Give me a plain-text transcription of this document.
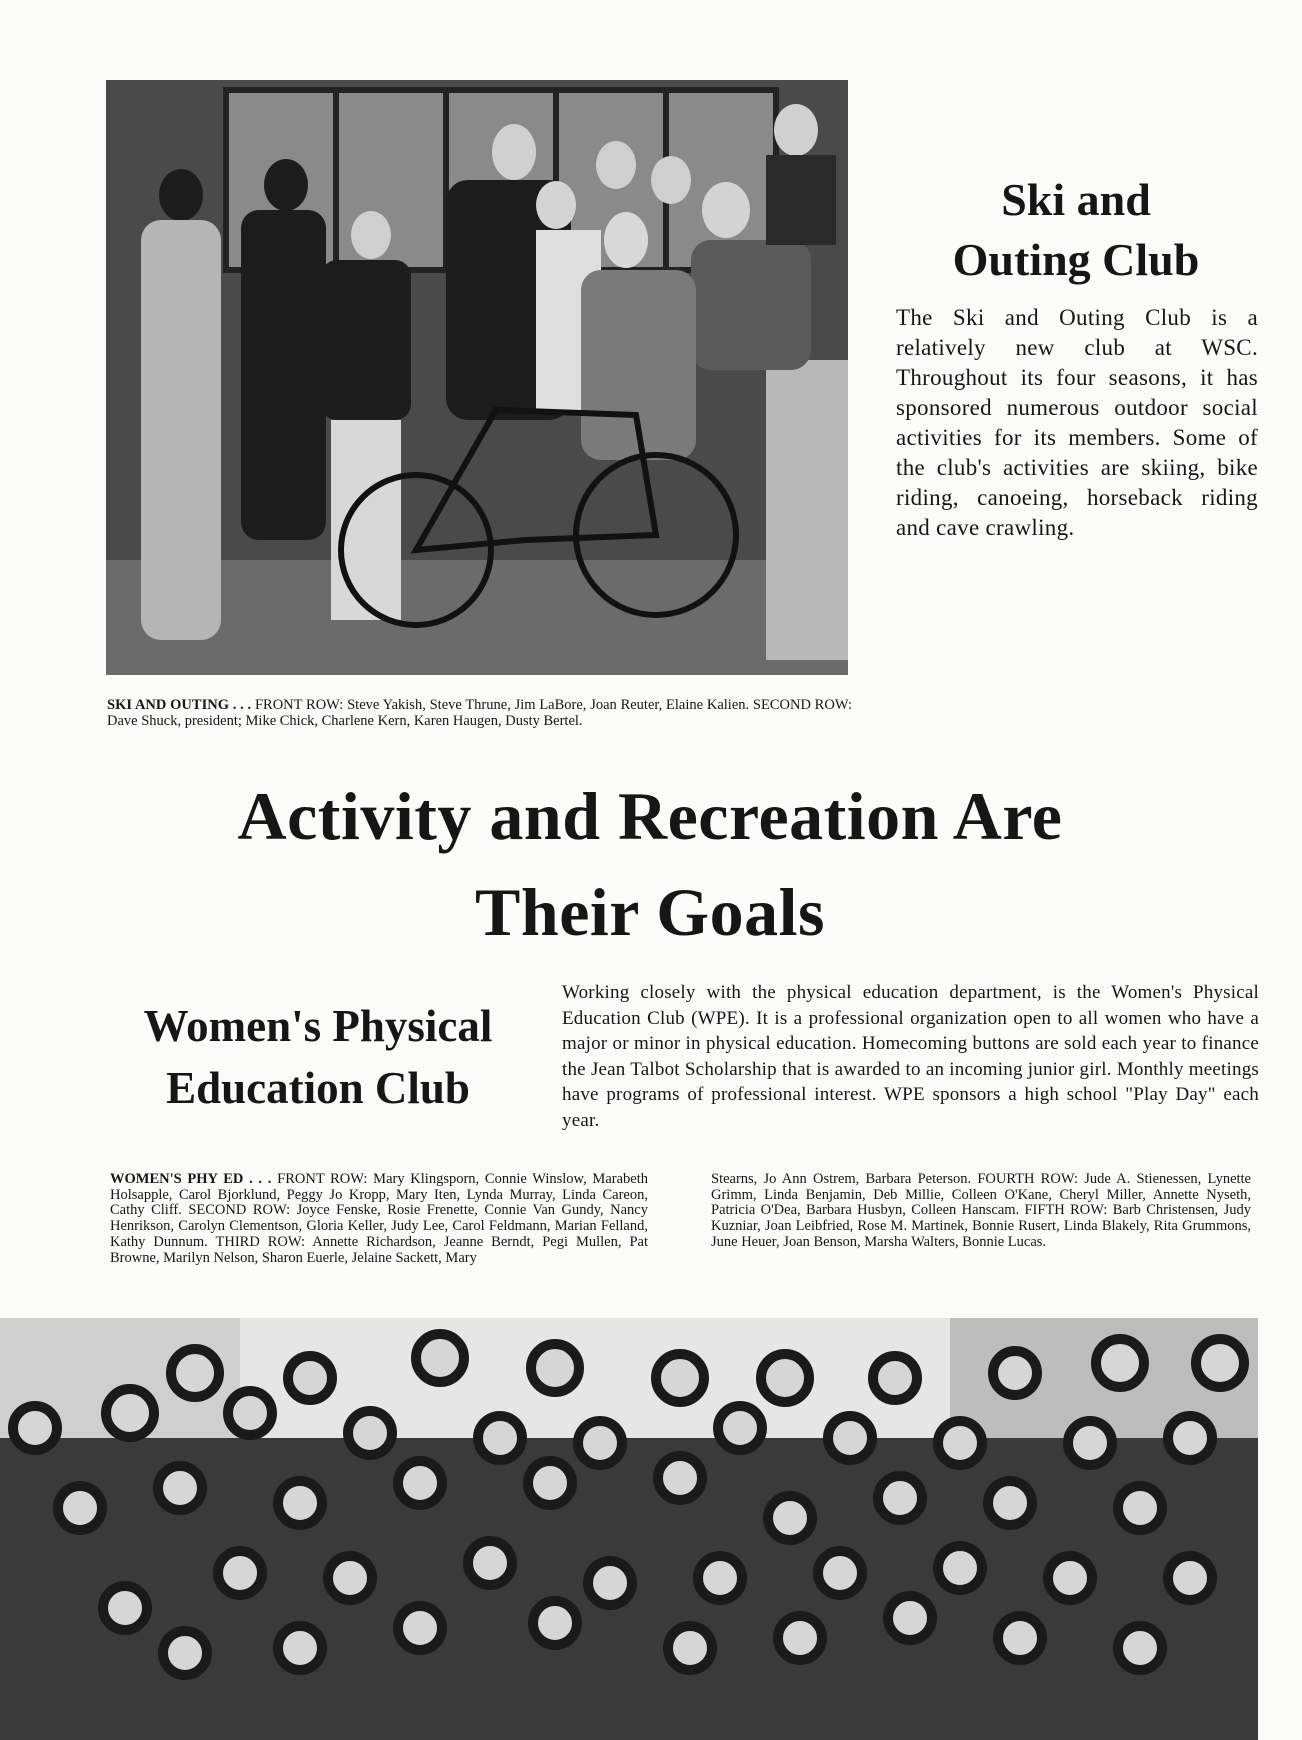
Ski and
Outing Club
The Ski and Outing Club is a relatively new club at WSC. Throughout its four seasons, it has sponsored numerous outdoor social activities for its members. Some of the club's activities are skiing, bike riding, canoeing, horseback riding and cave crawling.
SKI AND OUTING . . . FRONT ROW: Steve Yakish, Steve Thrune, Jim LaBore, Joan Reuter, Elaine Kalien. SECOND ROW: Dave Shuck, president; Mike Chick, Charlene Kern, Karen Haugen, Dusty Bertel.
Activity and Recreation Are
Their Goals
Women's Physical
Education Club
Working closely with the physical education department, is the Women's Physical Education Club (WPE). It is a professional organization open to all women who have a major or minor in physical education. Homecoming buttons are sold each year to finance the Jean Talbot Scholarship that is awarded to an incoming junior girl. Monthly meetings have programs of professional interest. WPE sponsors a high school "Play Day" each year.
WOMEN'S PHY ED . . . FRONT ROW: Mary Klingsporn, Connie Winslow, Marabeth Holsapple, Carol Bjorklund, Peggy Jo Kropp, Mary Iten, Lynda Murray, Linda Careon, Cathy Cliff. SECOND ROW: Joyce Fenske, Rosie Frenette, Connie Van Gundy, Nancy Henrikson, Carolyn Clementson, Gloria Keller, Judy Lee, Carol Feldmann, Marian Felland, Kathy Dunnum. THIRD ROW: Annette Richardson, Jeanne Berndt, Pegi Mullen, Pat Browne, Marilyn Nelson, Sharon Euerle, Jelaine Sackett, Mary
Stearns, Jo Ann Ostrem, Barbara Peterson. FOURTH ROW: Jude A. Stienessen, Lynette Grimm, Linda Benjamin, Deb Millie, Colleen O'Kane, Cheryl Miller, Annette Nyseth, Patricia O'Dea, Barbara Husbyn, Colleen Hanscam. FIFTH ROW: Barb Christensen, Judy Kuzniar, Joan Leibfried, Rose M. Martinek, Bonnie Rusert, Linda Blakely, Rita Grummons, June Heuer, Joan Benson, Marsha Walters, Bonnie Lucas.
